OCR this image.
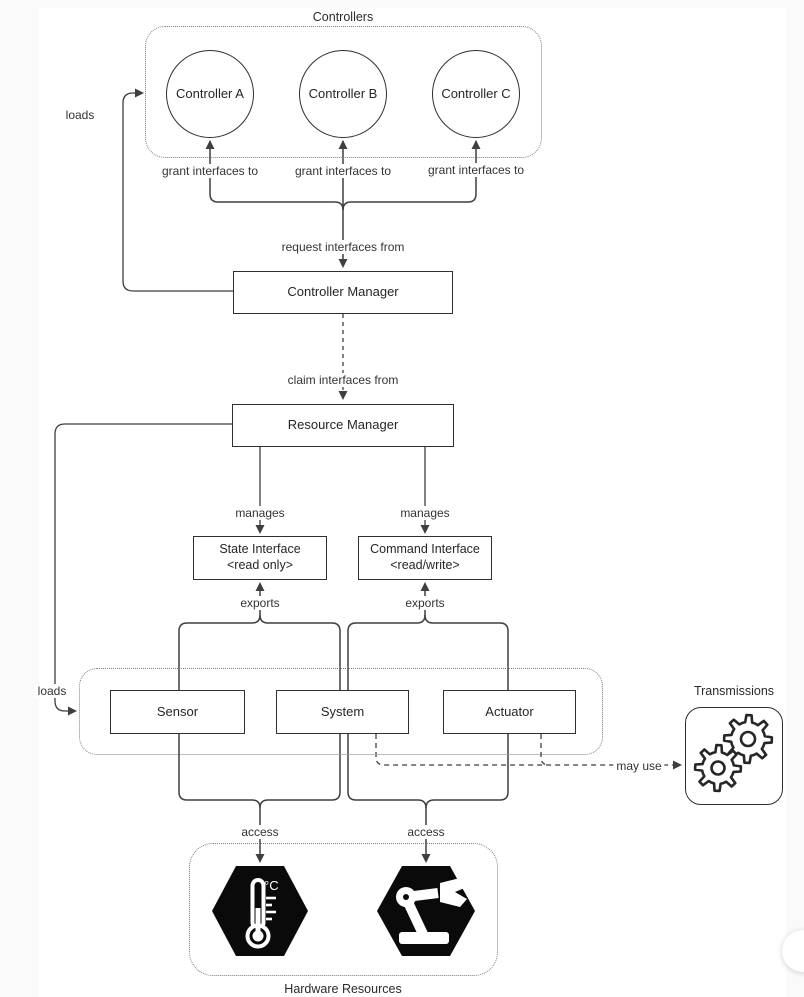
°C
Controller A	Controller B	Controller C
Controller Manager
Resource Manager
State Interface
<read only>
Command Interface
<read/write>
Sensor	System	Actuator
Controllers
Transmissions
Hardware Resources
grant interfaces to	grant interfaces to	grant interfaces to
loads
request interfaces from
claim interfaces from
manages	manages
exports	exports
loads
may use
access	access
